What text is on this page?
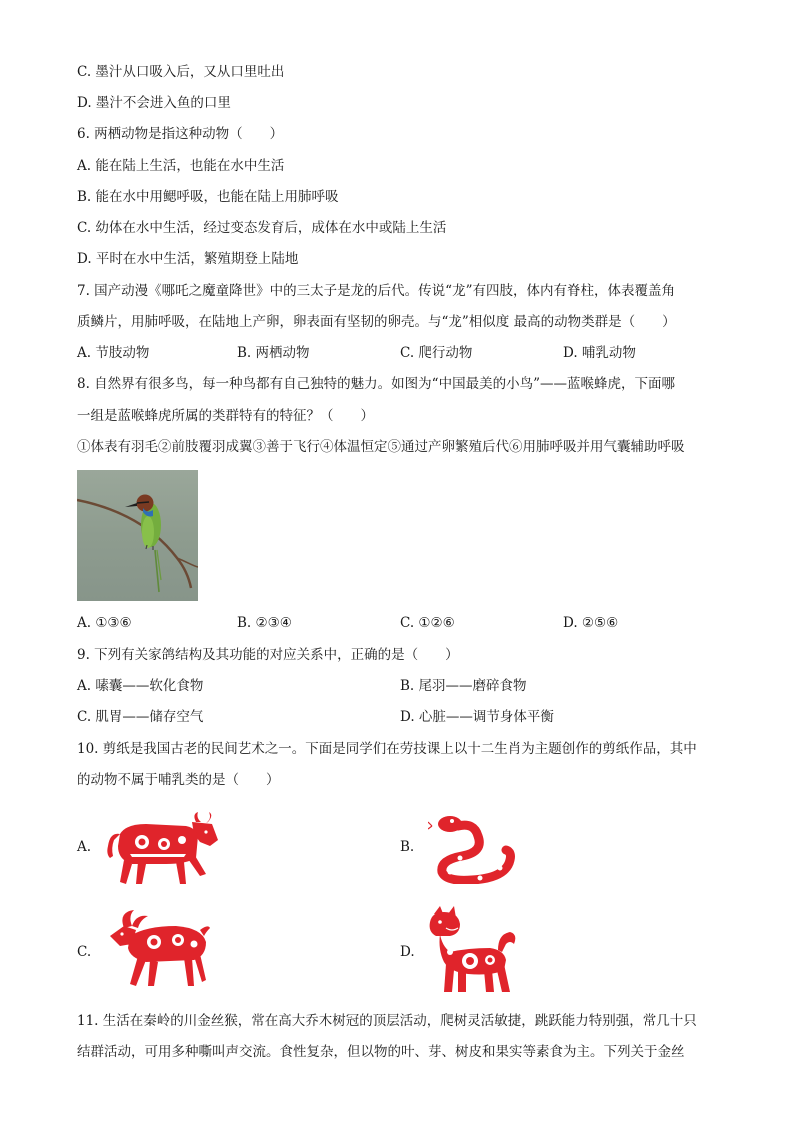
C. 墨汁从口吸入后，又从口里吐出
D. 墨汁不会进入鱼的口里
6. 两栖动物是指这种动物（　　）
A. 能在陆上生活，也能在水中生活
B. 能在水中用鳃呼吸，也能在陆上用肺呼吸
C. 幼体在水中生活，经过变态发育后，成体在水中或陆上生活
D. 平时在水中生活，繁殖期登上陆地
7. 国产动漫《哪吒之魔童降世》中的三太子是龙的后代。传说“龙”有四肢，体内有脊柱，体表覆盖角
质鳞片，用肺呼吸，在陆地上产卵，卵表面有坚韧的卵壳。与“龙”相似度 最高的动物类群是（　　）
A. 节肢动物	B. 两栖动物	C. 爬行动物	D. 哺乳动物
8. 自然界有很多鸟，每一种鸟都有自己独特的魅力。如图为“中国最美的小鸟”——蓝喉蜂虎，下面哪
一组是蓝喉蜂虎所属的类群特有的特征？（　　）
①体表有羽毛②前肢覆羽成翼③善于飞行④体温恒定⑤通过产卵繁殖后代⑥用肺呼吸并用气囊辅助呼吸
A. ①③⑥	B. ②③④	C. ①②⑥	D. ②⑤⑥
9. 下列有关家鸽结构及其功能的对应关系中，正确的是（　　）
A. 嗉囊——软化食物	B. 尾羽——磨碎食物
C. 肌胃——储存空气	D. 心脏——调节身体平衡
10. 剪纸是我国古老的民间艺术之一。下面是同学们在劳技课上以十二生肖为主题创作的剪纸作品，其中
的动物不属于哺乳类的是（　　）
A.	B.
C.	D.
11. 生活在秦岭的川金丝猴，常在高大乔木树冠的顶层活动，爬树灵活敏捷，跳跃能力特别强，常几十只
结群活动，可用多种嘶叫声交流。食性复杂，但以物的叶、芽、树皮和果实等素食为主。下列关于金丝
